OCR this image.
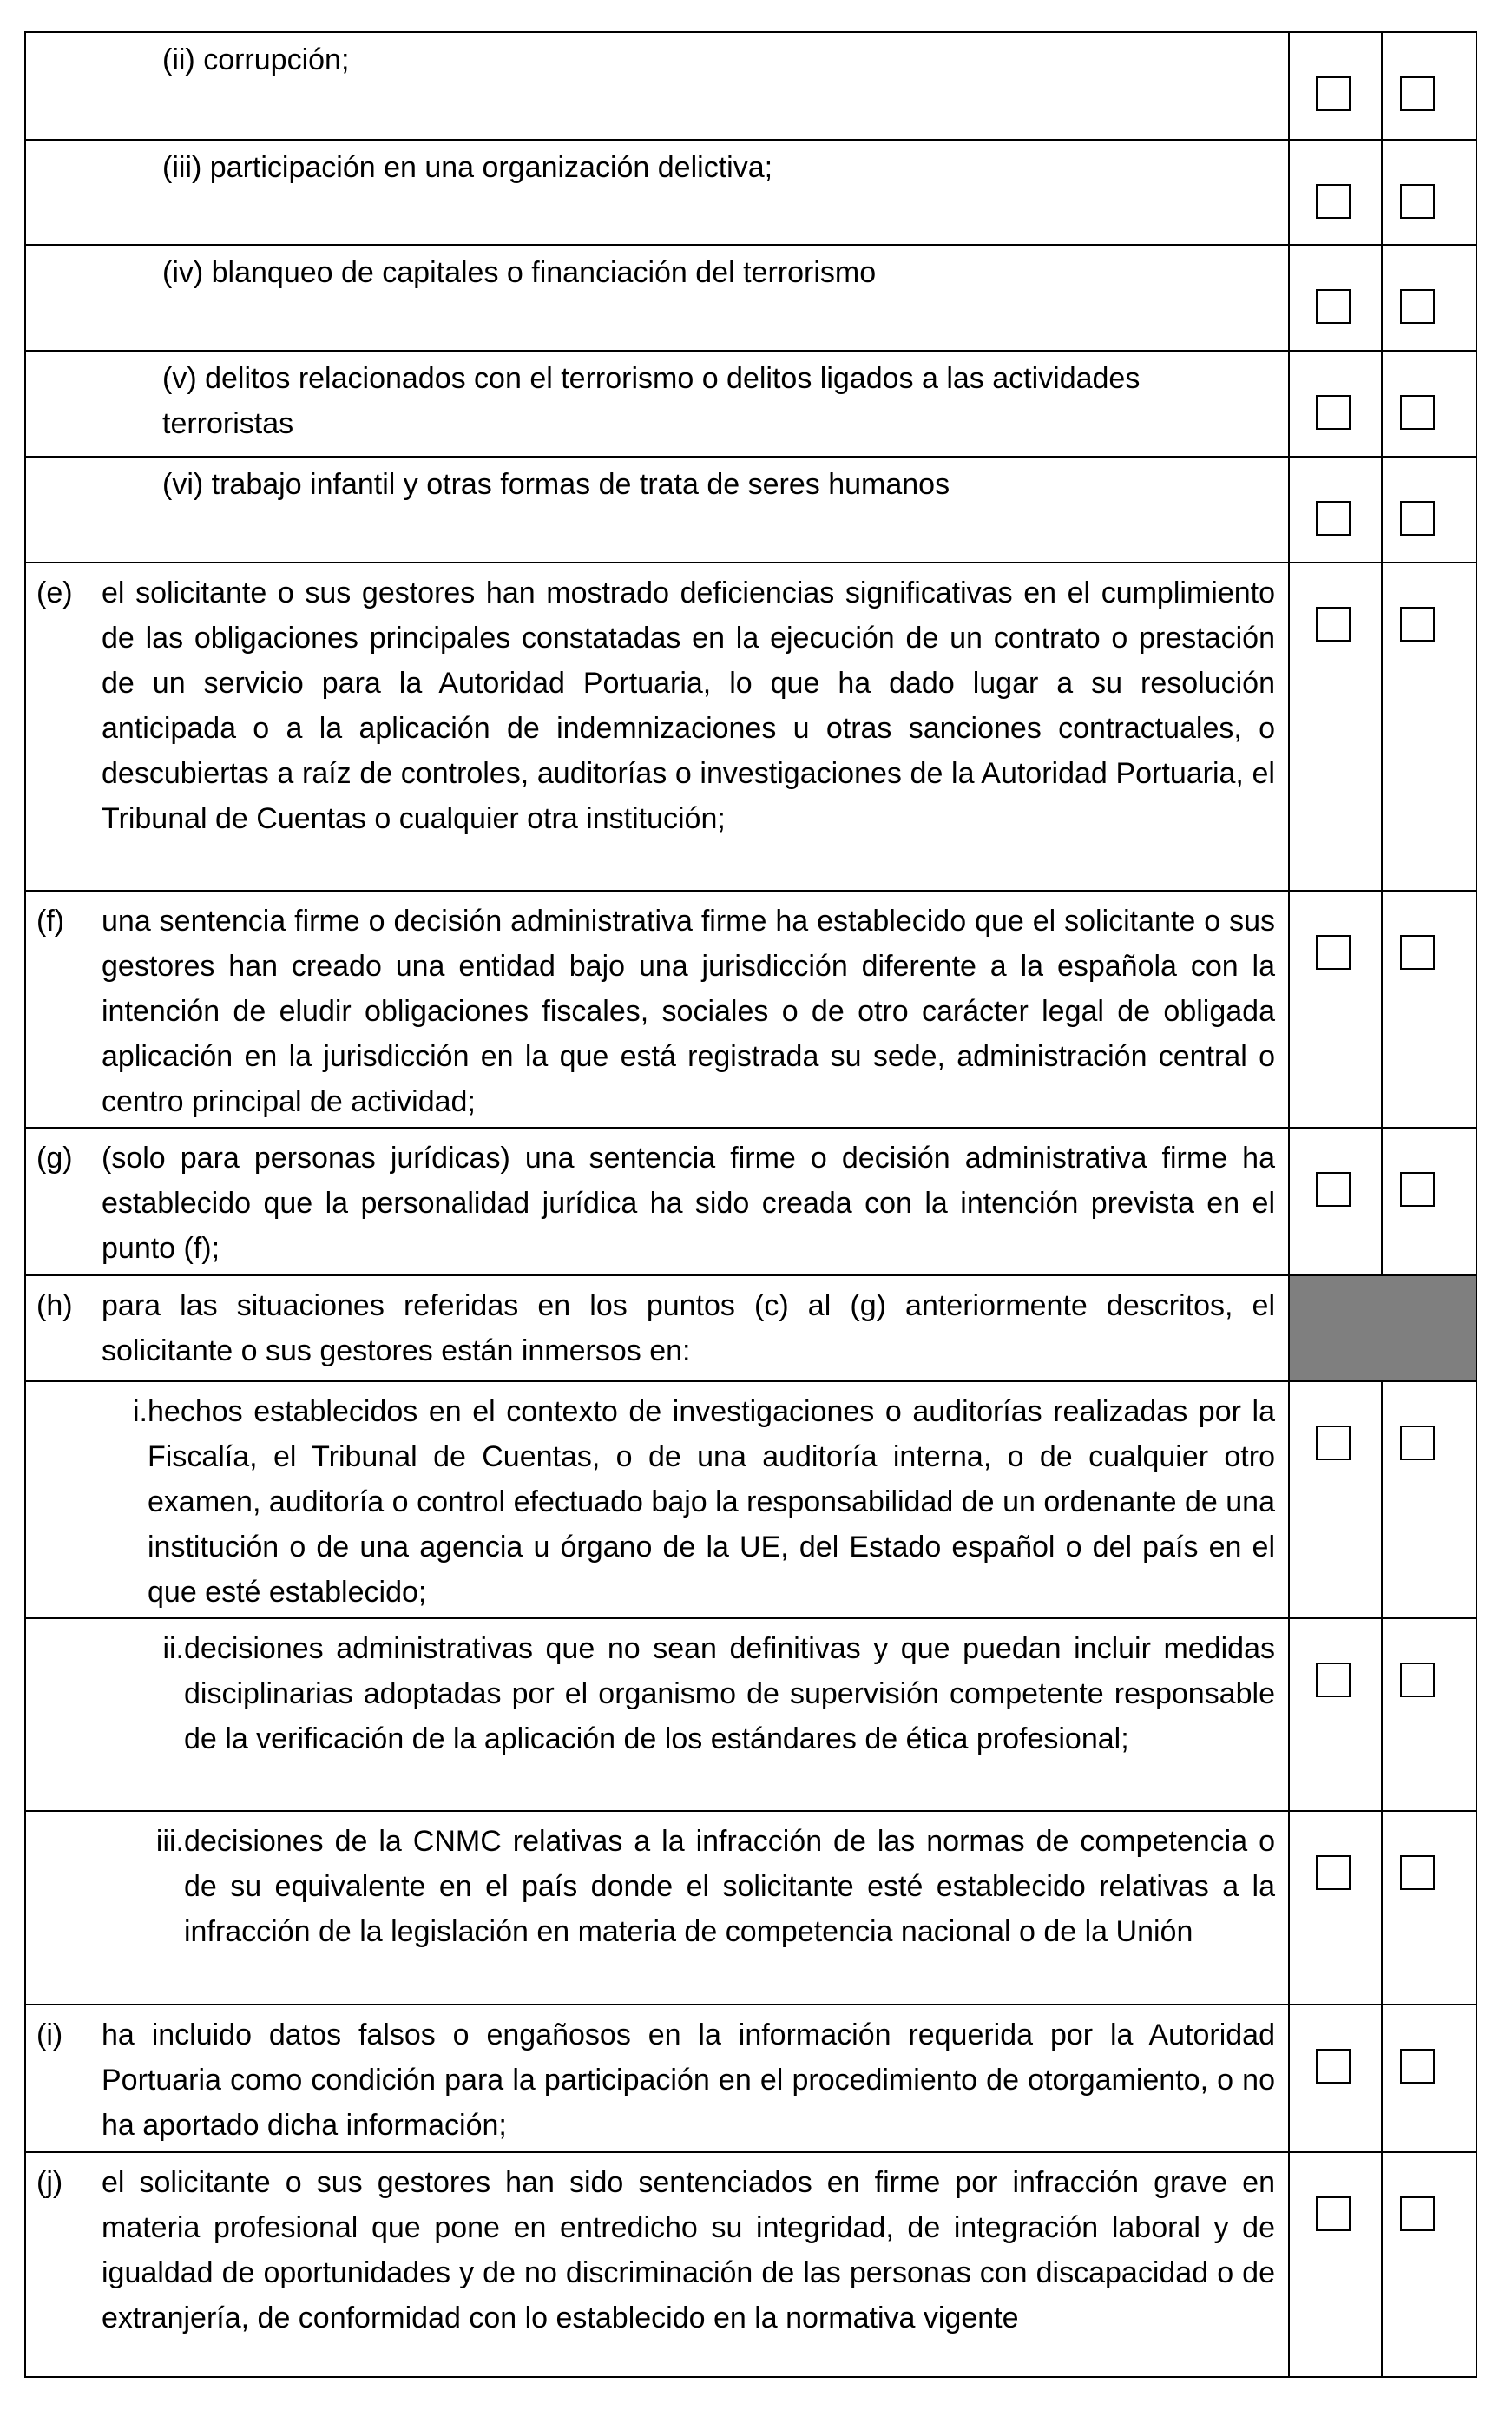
(ii) corrupción;
(iii) participación en una organización delictiva;
(iv) blanqueo de capitales o financiación del terrorismo
(v) delitos relacionados con el terrorismo o delitos ligados a las actividades terroristas
(vi) trabajo infantil y otras formas de trata de seres humanos
(e) el solicitante o sus gestores han mostrado deficiencias significativas en el cumplimiento de las obligaciones principales constatadas en la ejecución de un contrato o prestación de un servicio para la Autoridad Portuaria, lo que ha dado lugar a su resolución anticipada o a la aplicación de indemnizaciones u otras sanciones contractuales, o descubiertas a raíz de controles, auditorías o investigaciones de la Autoridad Portuaria, el Tribunal de Cuentas o cualquier otra institución;
(f) una sentencia firme o decisión administrativa firme ha establecido que el solicitante o sus gestores han creado una entidad bajo una jurisdicción diferente a la española con la intención de eludir obligaciones fiscales, sociales o de otro carácter legal de obligada aplicación en la jurisdicción en la que está registrada su sede, administración central o centro principal de actividad;
(g) (solo para personas jurídicas) una sentencia firme o decisión administrativa firme ha establecido que la personalidad jurídica ha sido creada con la intención prevista en el punto (f);
(h) para las situaciones referidas en los puntos (c) al (g) anteriormente descritos, el solicitante o sus gestores están inmersos en:
i. hechos establecidos en el contexto de investigaciones o auditorías realizadas por la Fiscalía, el Tribunal de Cuentas, o de una auditoría interna, o de cualquier otro examen, auditoría o control efectuado bajo la responsabilidad de un ordenante de una institución o de una agencia u órgano de la UE, del Estado español o del país en el que esté establecido;
ii. decisiones administrativas que no sean definitivas y que puedan incluir medidas disciplinarias adoptadas por el organismo de supervisión competente responsable de la verificación de la aplicación de los estándares de ética profesional;
iii. decisiones de la CNMC relativas a la infracción de las normas de competencia o de su equivalente en el país donde el solicitante esté establecido relativas a la infracción de la legislación en materia de competencia nacional o de la Unión
(i) ha incluido datos falsos o engañosos en la información requerida por la Autoridad Portuaria como condición para la participación en el procedimiento de otorgamiento, o no ha aportado dicha información;
(j) el solicitante o sus gestores han sido sentenciados en firme por infracción grave en materia profesional que pone en entredicho su integridad, de integración laboral y de igualdad de oportunidades y de no discriminación de las personas con discapacidad o de extranjería, de conformidad con lo establecido en la normativa vigente
